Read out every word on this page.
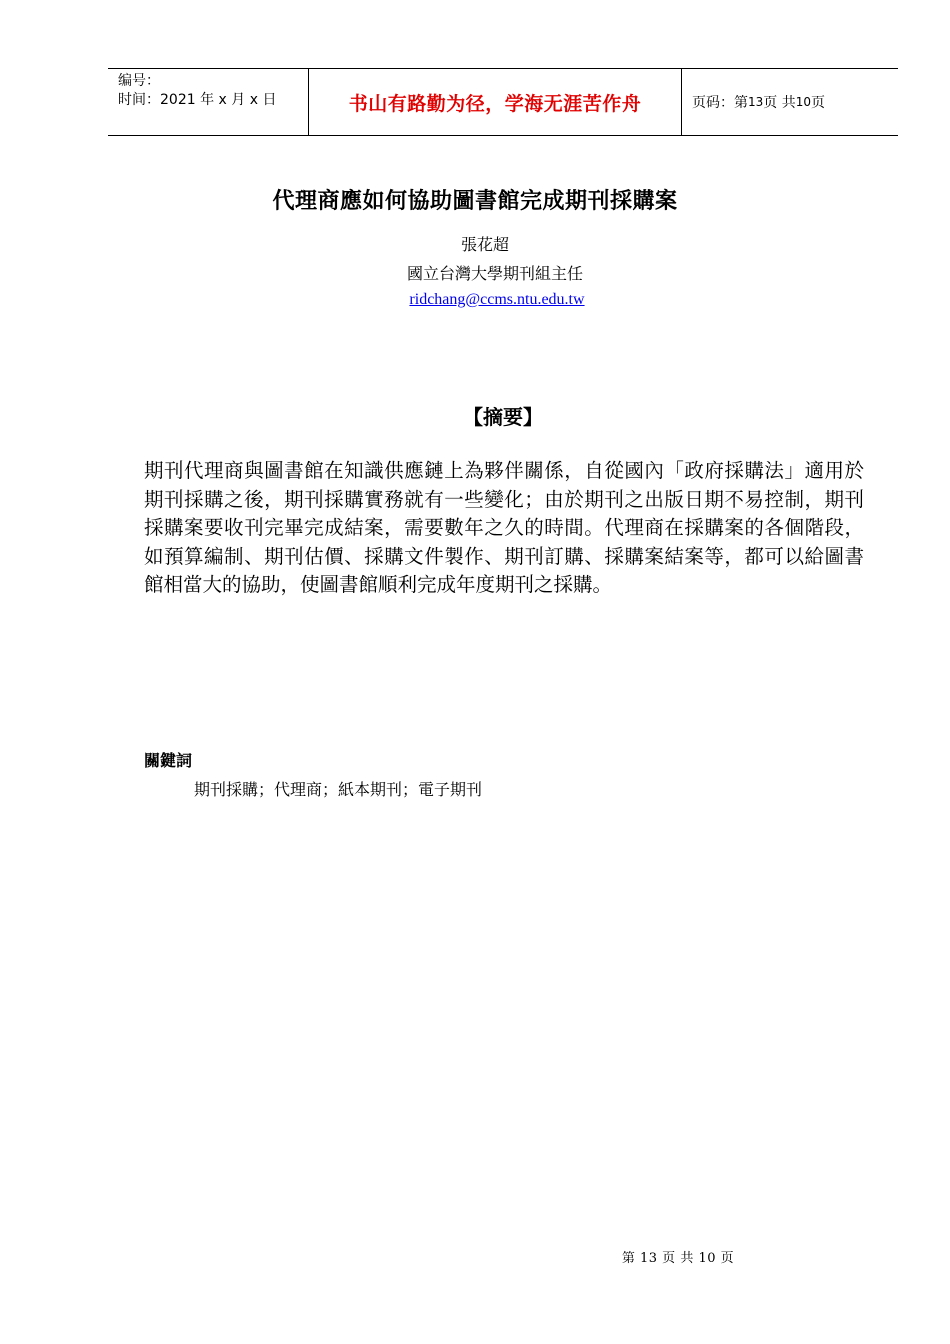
编号：
时间：2021 年 x 月 x 日	书山有路勤为径，学海无涯苦作舟	页码：第 13 页 共 10 页
代理商應如何協助圖書館完成期刊採購案
張花超
國立台灣大學期刊組主任
ridchang@ccms.ntu.edu.tw
【摘要】
期刊代理商與圖書館在知識供應鏈上為夥伴關係，自從國內「政府採購法」適用於期刊採購之後，期刊採購實務就有一些變化；由於期刊之出版日期不易控制，期刊採購案要收刊完畢完成結案，需要數年之久的時間。代理商在採購案的各個階段，如預算編制、期刊估價、採購文件製作、期刊訂購、採購案結案等，都可以給圖書館相當大的協助，使圖書館順利完成年度期刊之採購。
關鍵詞
期刊採購；代理商；紙本期刊；電子期刊
第 13 页 共 10 页
